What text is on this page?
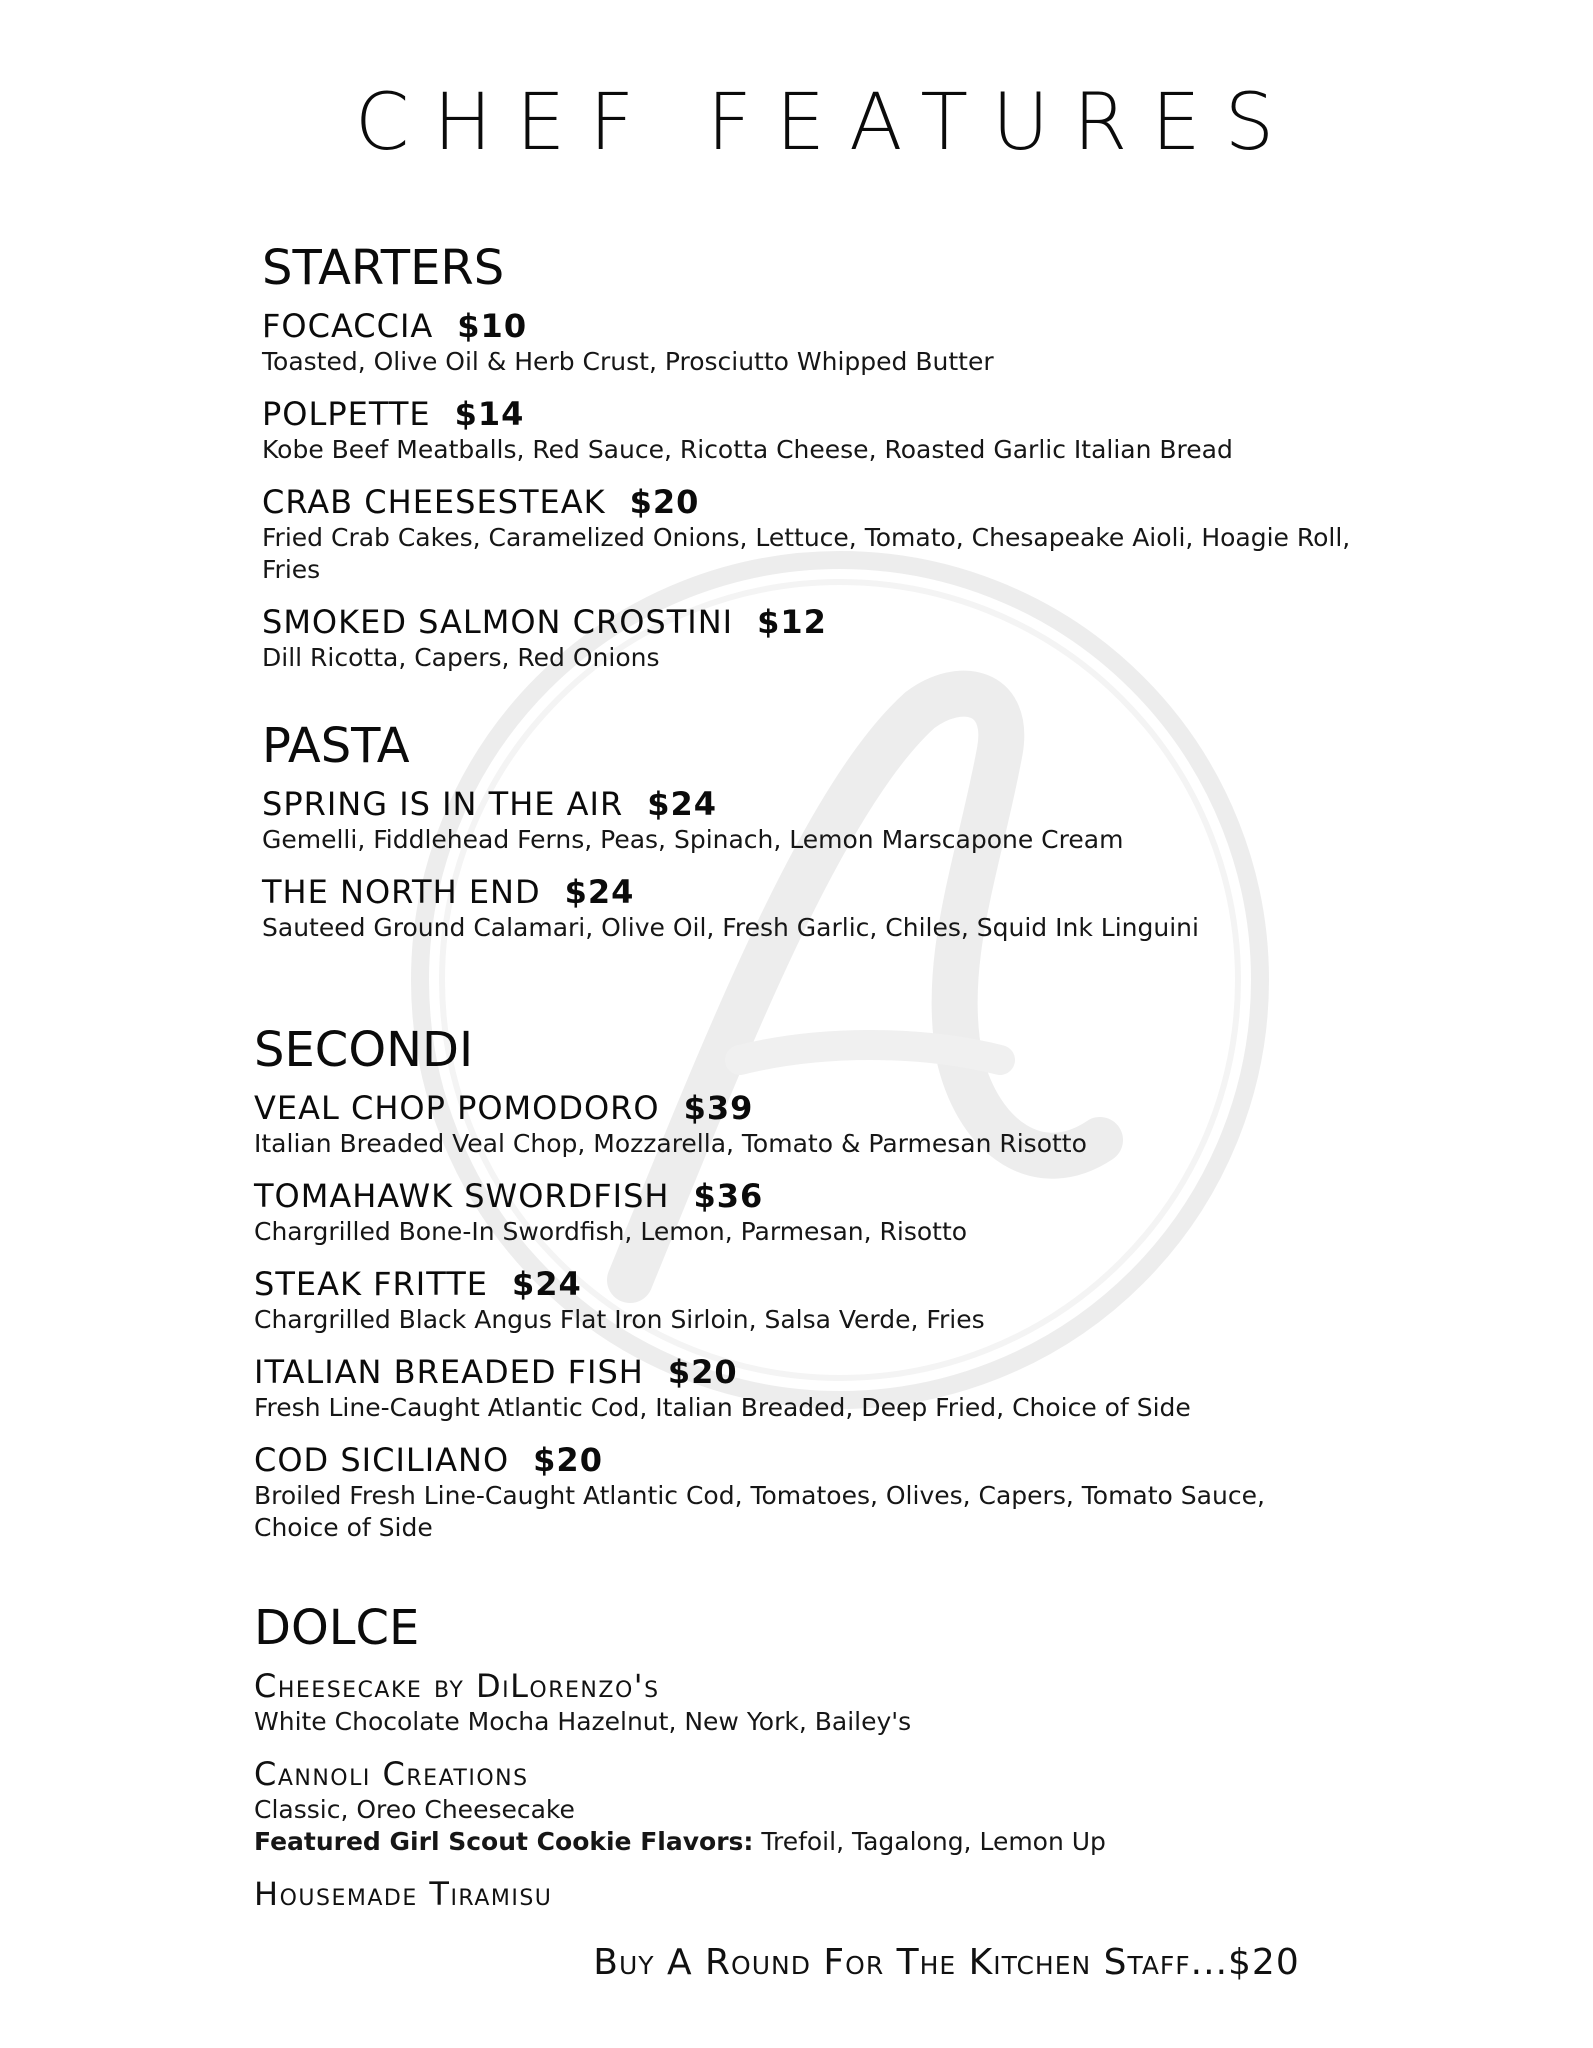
CHEF FEATURES
STARTERS
FOCACCIA $10
Toasted, Olive Oil & Herb Crust, Prosciutto Whipped Butter
POLPETTE $14
Kobe Beef Meatballs, Red Sauce, Ricotta Cheese, Roasted Garlic Italian Bread
CRAB CHEESESTEAK $20
Fried Crab Cakes, Caramelized Onions, Lettuce, Tomato, Chesapeake Aioli, Hoagie Roll, Fries
SMOKED SALMON CROSTINI $12
Dill Ricotta, Capers, Red Onions
PASTA
SPRING IS IN THE AIR $24
Gemelli, Fiddlehead Ferns, Peas, Spinach, Lemon Marscapone Cream
THE NORTH END $24
Sauteed Ground Calamari, Olive Oil, Fresh Garlic, Chiles, Squid Ink Linguini
SECONDI
VEAL CHOP POMODORO $39
Italian Breaded Veal Chop, Mozzarella, Tomato & Parmesan Risotto
TOMAHAWK SWORDFISH $36
Chargrilled Bone-In Swordfish, Lemon, Parmesan, Risotto
STEAK FRITTE $24
Chargrilled Black Angus Flat Iron Sirloin, Salsa Verde, Fries
ITALIAN BREADED FISH $20
Fresh Line-Caught Atlantic Cod, Italian Breaded, Deep Fried, Choice of Side
COD SICILIANO $20
Broiled Fresh Line-Caught Atlantic Cod, Tomatoes, Olives, Capers, Tomato Sauce, Choice of Side
DOLCE
Cheesecake by DiLorenzo's
White Chocolate Mocha Hazelnut, New York, Bailey's
Cannoli Creations
Classic, Oreo Cheesecake
Featured Girl Scout Cookie Flavors: Trefoil, Tagalong, Lemon Up
Housemade Tiramisu
Buy A Round For The Kitchen Staff...$20
